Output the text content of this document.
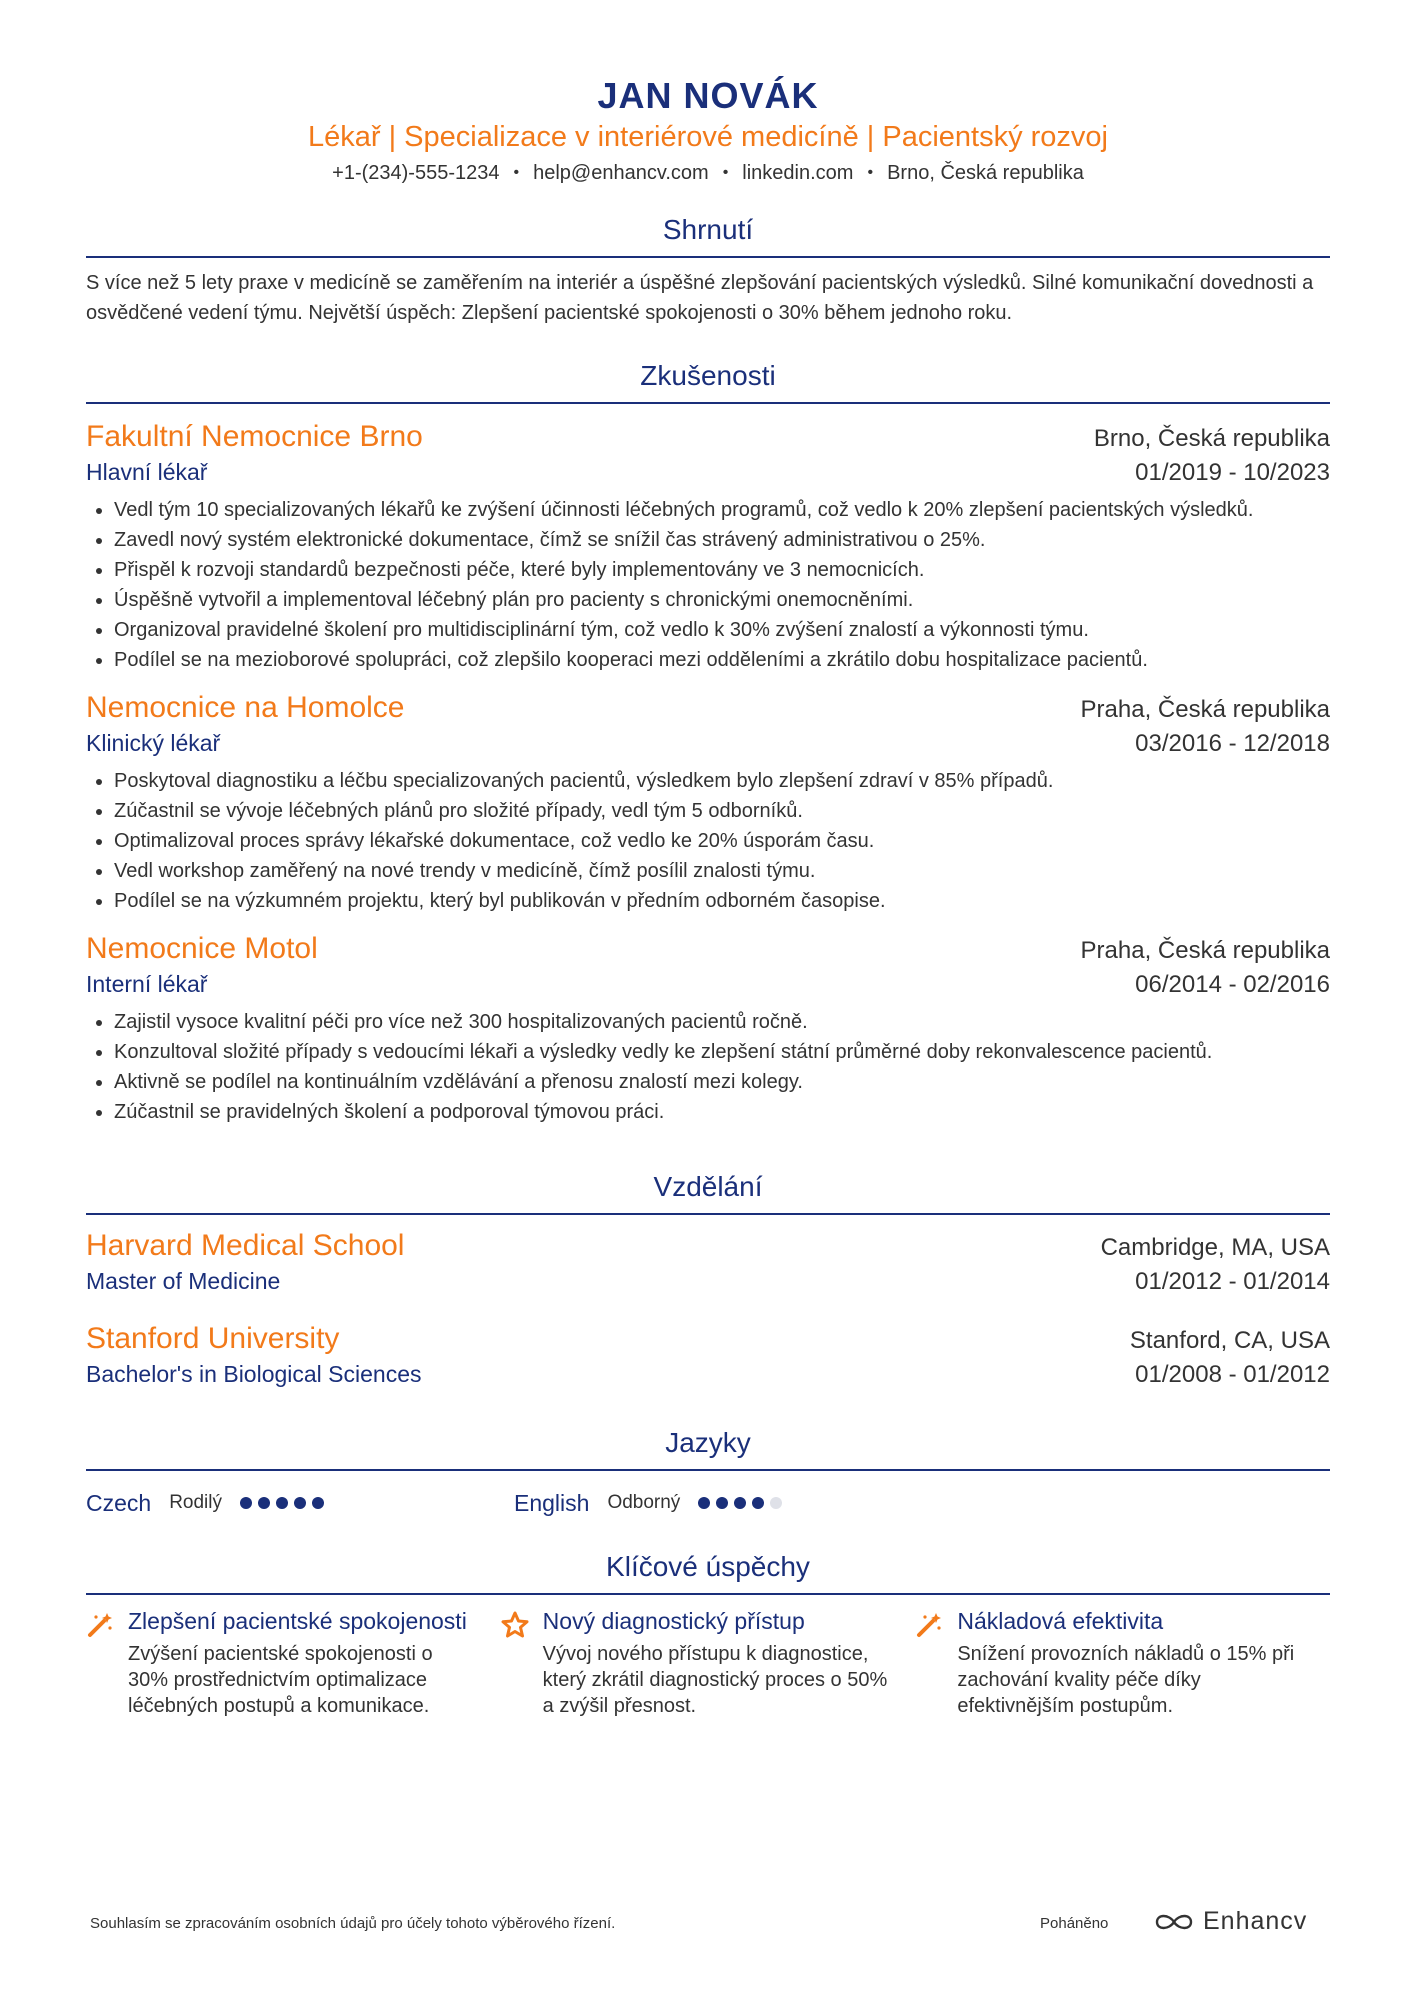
JAN NOVÁK
Lékař | Specializace v interiérové medicíně | Pacientský rozvoj
+1-(234)-555-1234 • help@enhancv.com • linkedin.com • Brno, Česká republika
Shrnutí
S více než 5 lety praxe v medicíně se zaměřením na interiér a úspěšné zlepšování pacientských výsledků. Silné komunikační dovednosti a osvědčené vedení týmu. Největší úspěch: Zlepšení pacientské spokojenosti o 30% během jednoho roku.
Zkušenosti
Fakultní Nemocnice Brno	Brno, Česká republika
Hlavní lékař	01/2019 - 10/2023
• Vedl tým 10 specializovaných lékařů ke zvýšení účinnosti léčebných programů, což vedlo k 20% zlepšení pacientských výsledků.
• Zavedl nový systém elektronické dokumentace, čímž se snížil čas strávený administrativou o 25%.
• Přispěl k rozvoji standardů bezpečnosti péče, které byly implementovány ve 3 nemocnicích.
• Úspěšně vytvořil a implementoval léčebný plán pro pacienty s chronickými onemocněními.
• Organizoval pravidelné školení pro multidisciplinární tým, což vedlo k 30% zvýšení znalostí a výkonnosti týmu.
• Podílel se na mezioborové spolupráci, což zlepšilo kooperaci mezi odděleními a zkrátilo dobu hospitalizace pacientů.
Nemocnice na Homolce	Praha, Česká republika
Klinický lékař	03/2016 - 12/2018
• Poskytoval diagnostiku a léčbu specializovaných pacientů, výsledkem bylo zlepšení zdraví v 85% případů.
• Zúčastnil se vývoje léčebných plánů pro složité případy, vedl tým 5 odborníků.
• Optimalizoval proces správy lékařské dokumentace, což vedlo ke 20% úsporám času.
• Vedl workshop zaměřený na nové trendy v medicíně, čímž posílil znalosti týmu.
• Podílel se na výzkumném projektu, který byl publikován v předním odborném časopise.
Nemocnice Motol	Praha, Česká republika
Interní lékař	06/2014 - 02/2016
• Zajistil vysoce kvalitní péči pro více než 300 hospitalizovaných pacientů ročně.
• Konzultoval složité případy s vedoucími lékaři a výsledky vedly ke zlepšení státní průměrné doby rekonvalescence pacientů.
• Aktivně se podílel na kontinuálním vzdělávání a přenosu znalostí mezi kolegy.
• Zúčastnil se pravidelných školení a podporoval týmovou práci.
Vzdělání
Harvard Medical School	Cambridge, MA, USA
Master of Medicine	01/2012 - 01/2014
Stanford University	Stanford, CA, USA
Bachelor's in Biological Sciences	01/2008 - 01/2012
Jazyky
Czech Rodilý	English Odborný
Klíčové úspěchy
Zlepšení pacientské spokojenosti
Zvýšení pacientské spokojenosti o 30% prostřednictvím optimalizace léčebných postupů a komunikace.
Nový diagnostický přístup
Vývoj nového přístupu k diagnostice, který zkrátil diagnostický proces o 50% a zvýšil přesnost.
Nákladová efektivita
Snížení provozních nákladů o 15% při zachování kvality péče díky efektivnějším postupům.
Souhlasím se zpracováním osobních údajů pro účely tohoto výběrového řízení.	Poháněno	Enhancv
